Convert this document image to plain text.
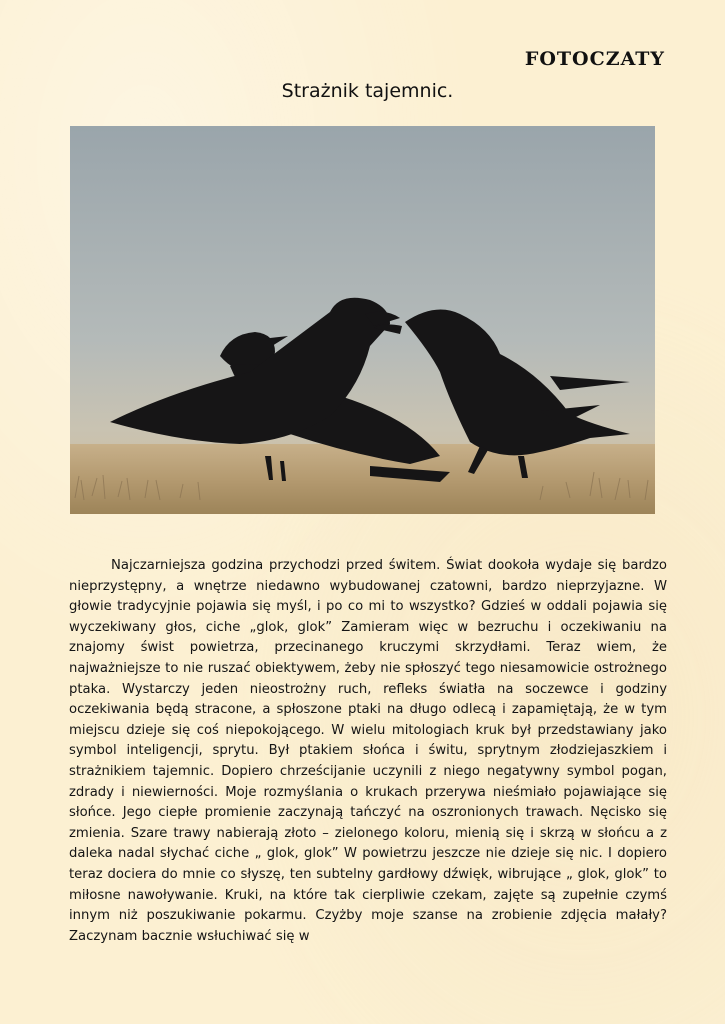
FOTOCZATY
Strażnik tajemnic.

Najczarniejsza godzina przychodzi przed świtem. Świat dookoła wydaje się bardzo nieprzystępny, a wnętrze niedawno wybudowanej czatowni, bardzo nieprzyjazne. W głowie tradycyjnie pojawia się myśl, i po co mi to wszystko? Gdzieś w oddali pojawia się wyczekiwany głos, ciche „glok, glok” Zamieram więc w bezruchu i oczekiwaniu na znajomy świst powietrza, przecinanego kruczymi skrzydłami. Teraz wiem, że najważniejsze to nie ruszać obiektywem, żeby nie spłoszyć tego niesamowicie ostrożnego ptaka. Wystarczy jeden nieostrożny ruch, refleks światła na soczewce i godziny oczekiwania będą stracone, a spłoszone ptaki na długo odlecą i zapamiętają, że w tym miejscu dzieje się coś niepokojącego. W wielu mitologiach kruk był przedstawiany jako symbol inteligencji, sprytu. Był ptakiem słońca i świtu, sprytnym złodziejaszkiem i strażnikiem tajemnic. Dopiero chrześcijanie uczynili z niego negatywny symbol pogan, zdrady i niewierności. Moje rozmyślania o krukach przerywa nieśmiało pojawiające się słońce. Jego ciepłe promienie zaczynają tańczyć na oszronionych trawach. Nęcisko się zmienia. Szare trawy nabierają złoto – zielonego koloru, mienią się i skrzą w słońcu a z daleka nadal słychać ciche „ glok, glok” W powietrzu jeszcze nie dzieje się nic. I dopiero teraz dociera do mnie co słyszę, ten subtelny gardłowy dźwięk, wibrujące „ glok, glok” to miłosne nawoływanie. Kruki, na które tak cierpliwie czekam, zajęte są zupełnie czymś innym niż poszukiwanie pokarmu. Czyżby moje szanse na zrobienie zdjęcia małały? Zaczynam bacznie wsłuchiwać się w
